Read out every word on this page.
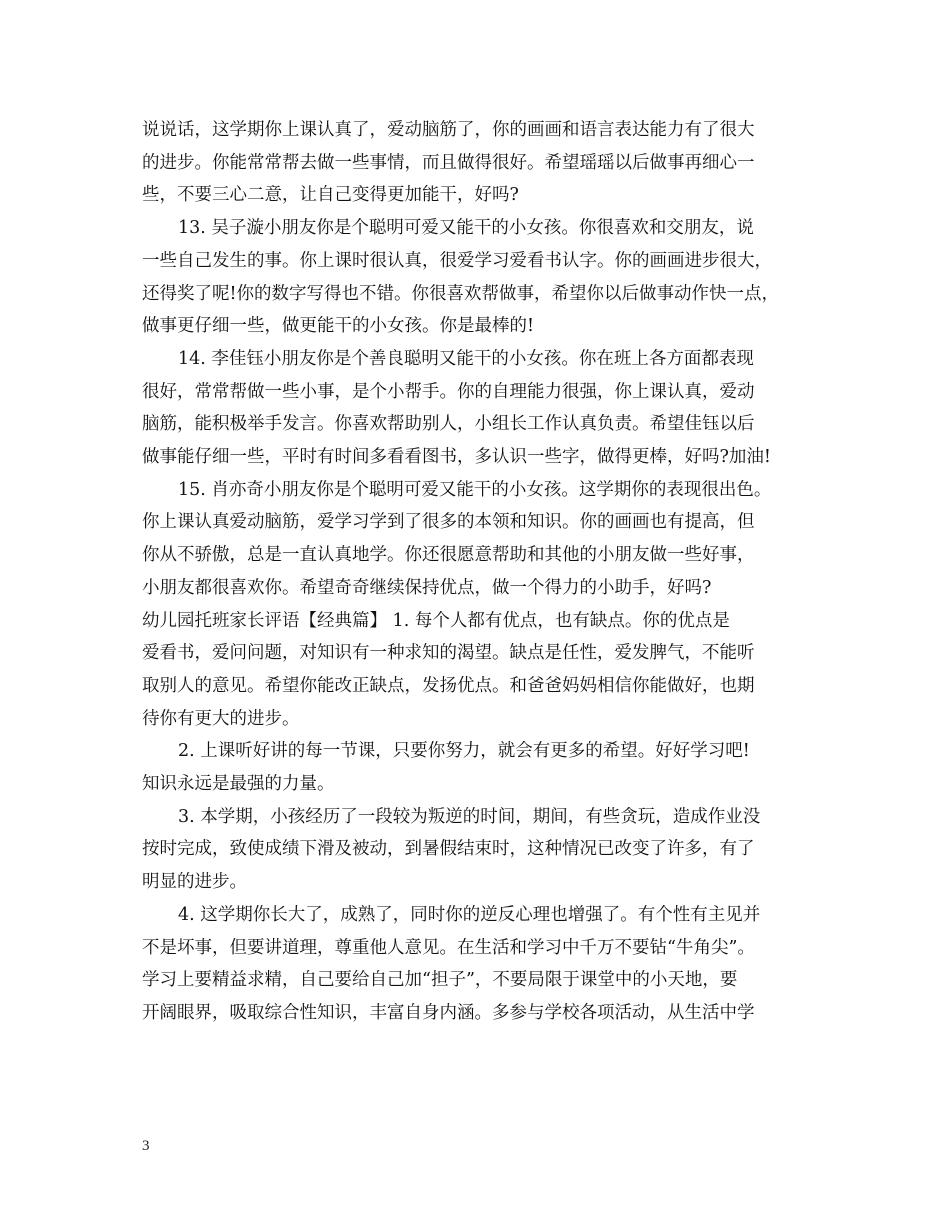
说说话，这学期你上课认真了，爱动脑筋了，你的画画和语言表达能力有了很大
的进步。你能常常帮去做一些事情，而且做得很好。希望瑶瑶以后做事再细心一
些，不要三心二意，让自己变得更加能干，好吗?
13. 吴子漩小朋友你是个聪明可爱又能干的小女孩。你很喜欢和交朋友，说
一些自己发生的事。你上课时很认真，很爱学习爱看书认字。你的画画进步很大，
还得奖了呢!你的数字写得也不错。你很喜欢帮做事，希望你以后做事动作快一点，
做事更仔细一些，做更能干的小女孩。你是最棒的!
14. 李佳钰小朋友你是个善良聪明又能干的小女孩。你在班上各方面都表现
很好，常常帮做一些小事，是个小帮手。你的自理能力很强，你上课认真，爱动
脑筋，能积极举手发言。你喜欢帮助别人，小组长工作认真负责。希望佳钰以后
做事能仔细一些，平时有时间多看看图书，多认识一些字，做得更棒，好吗?加油!
15. 肖亦奇小朋友你是个聪明可爱又能干的小女孩。这学期你的表现很出色。
你上课认真爱动脑筋，爱学习学到了很多的本领和知识。你的画画也有提高，但
你从不骄傲，总是一直认真地学。你还很愿意帮助和其他的小朋友做一些好事，
小朋友都很喜欢你。希望奇奇继续保持优点，做一个得力的小助手，好吗?
幼儿园托班家长评语【经典篇】 1. 每个人都有优点，也有缺点。你的优点是
爱看书，爱问问题，对知识有一种求知的渴望。缺点是任性，爱发脾气，不能听
取别人的意见。希望你能改正缺点，发扬优点。和爸爸妈妈相信你能做好，也期
待你有更大的进步。
2. 上课听好讲的每一节课，只要你努力，就会有更多的希望。好好学习吧!
知识永远是最强的力量。
3. 本学期，小孩经历了一段较为叛逆的时间，期间，有些贪玩，造成作业没
按时完成，致使成绩下滑及被动，到暑假结束时，这种情况已改变了许多，有了
明显的进步。
4. 这学期你长大了，成熟了，同时你的逆反心理也增强了。有个性有主见并
不是坏事，但要讲道理，尊重他人意见。在生活和学习中千万不要钻“牛角尖”。
学习上要精益求精，自己要给自己加“担子”，不要局限于课堂中的小天地，要
开阔眼界，吸取综合性知识，丰富自身内涵。多参与学校各项活动，从生活中学
3
